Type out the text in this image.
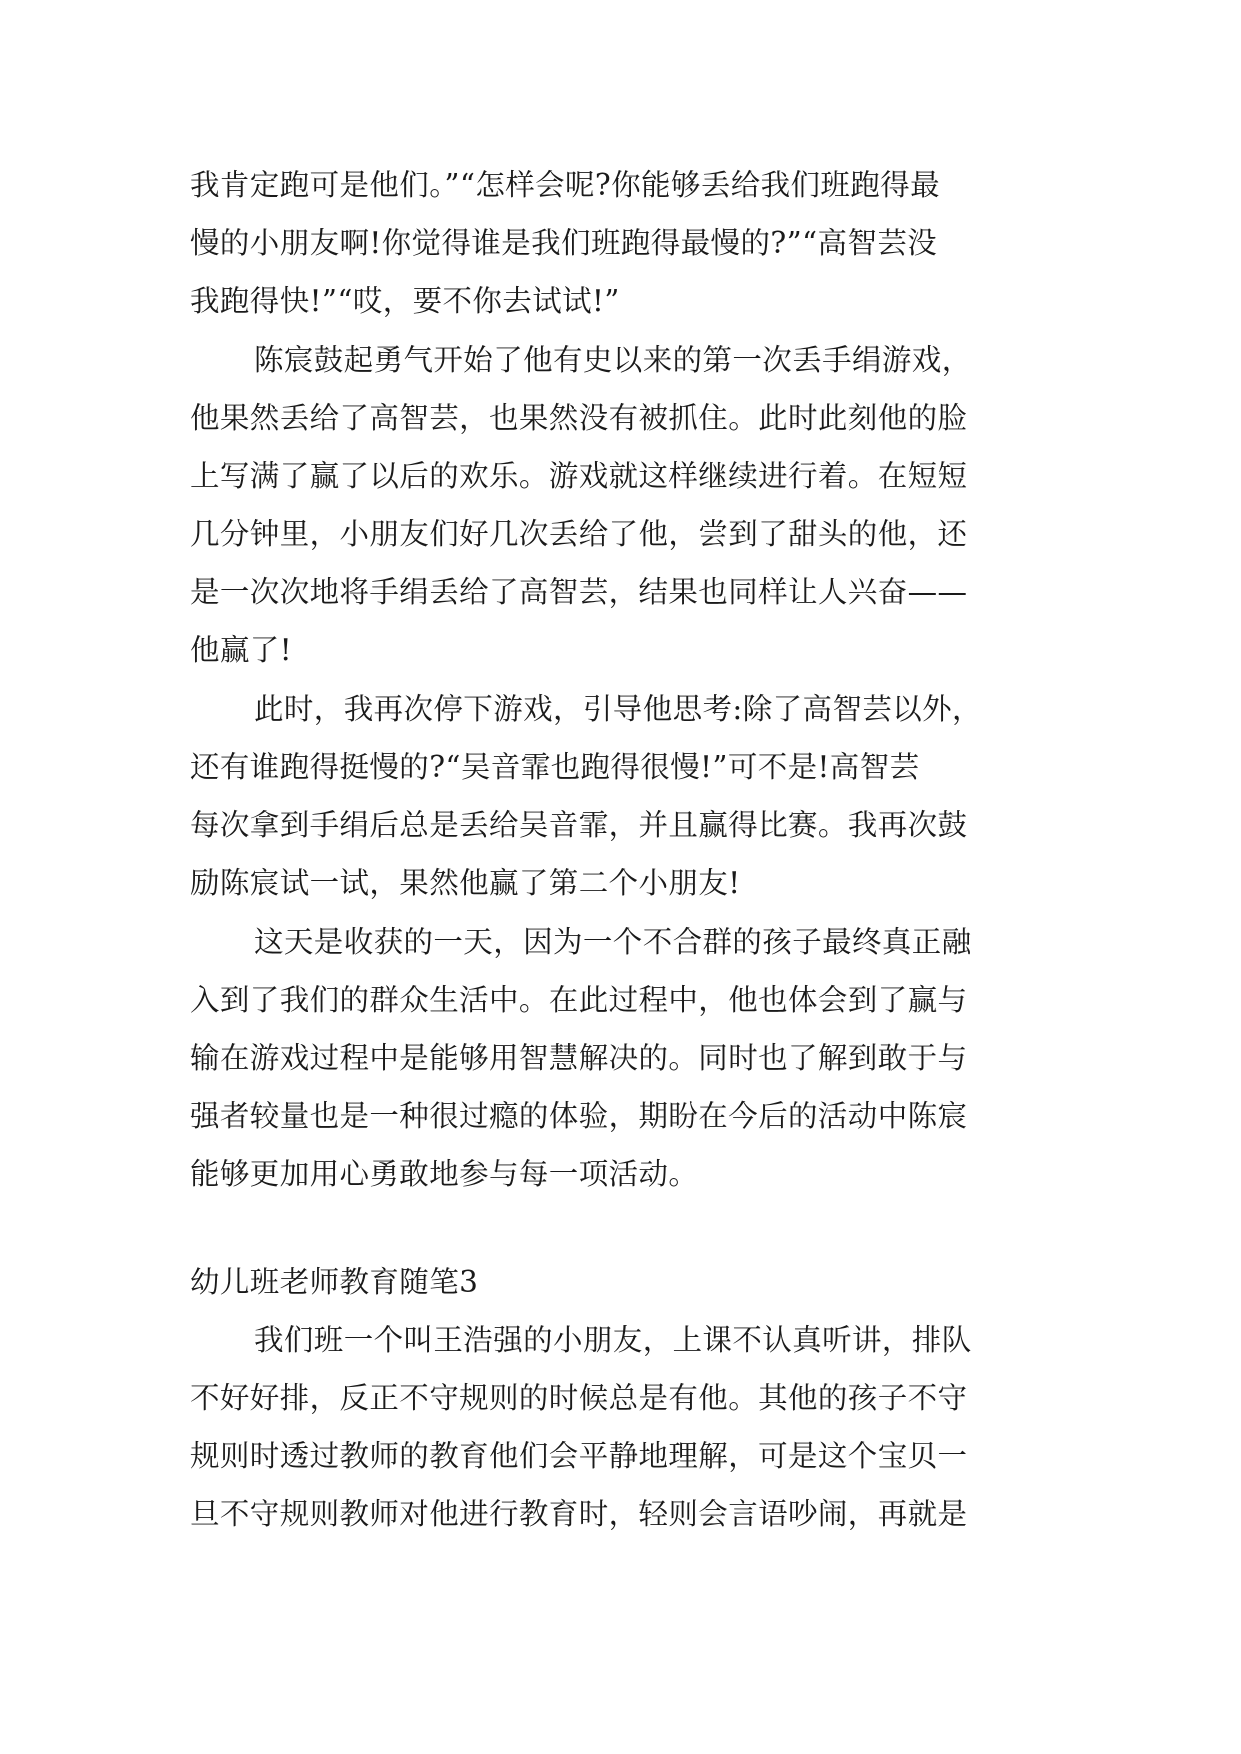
我肯定跑可是他们。”“怎样会呢?你能够丢给我们班跑得最
慢的小朋友啊!你觉得谁是我们班跑得最慢的?”“高智芸没
我跑得快!”“哎，要不你去试试!”
陈宸鼓起勇气开始了他有史以来的第一次丢手绢游戏，
他果然丢给了高智芸，也果然没有被抓住。此时此刻他的脸
上写满了赢了以后的欢乐。游戏就这样继续进行着。在短短
几分钟里，小朋友们好几次丢给了他，尝到了甜头的他，还
是一次次地将手绢丢给了高智芸，结果也同样让人兴奋——
他赢了!
此时，我再次停下游戏，引导他思考:除了高智芸以外，
还有谁跑得挺慢的?“吴音霏也跑得很慢!”可不是!高智芸
每次拿到手绢后总是丢给吴音霏，并且赢得比赛。我再次鼓
励陈宸试一试，果然他赢了第二个小朋友!
这天是收获的一天，因为一个不合群的孩子最终真正融
入到了我们的群众生活中。在此过程中，他也体会到了赢与
输在游戏过程中是能够用智慧解决的。同时也了解到敢于与
强者较量也是一种很过瘾的体验，期盼在今后的活动中陈宸
能够更加用心勇敢地参与每一项活动。
幼儿班老师教育随笔3
我们班一个叫王浩强的小朋友，上课不认真听讲，排队
不好好排，反正不守规则的时候总是有他。其他的孩子不守
规则时透过教师的教育他们会平静地理解，可是这个宝贝一
旦不守规则教师对他进行教育时，轻则会言语吵闹，再就是
